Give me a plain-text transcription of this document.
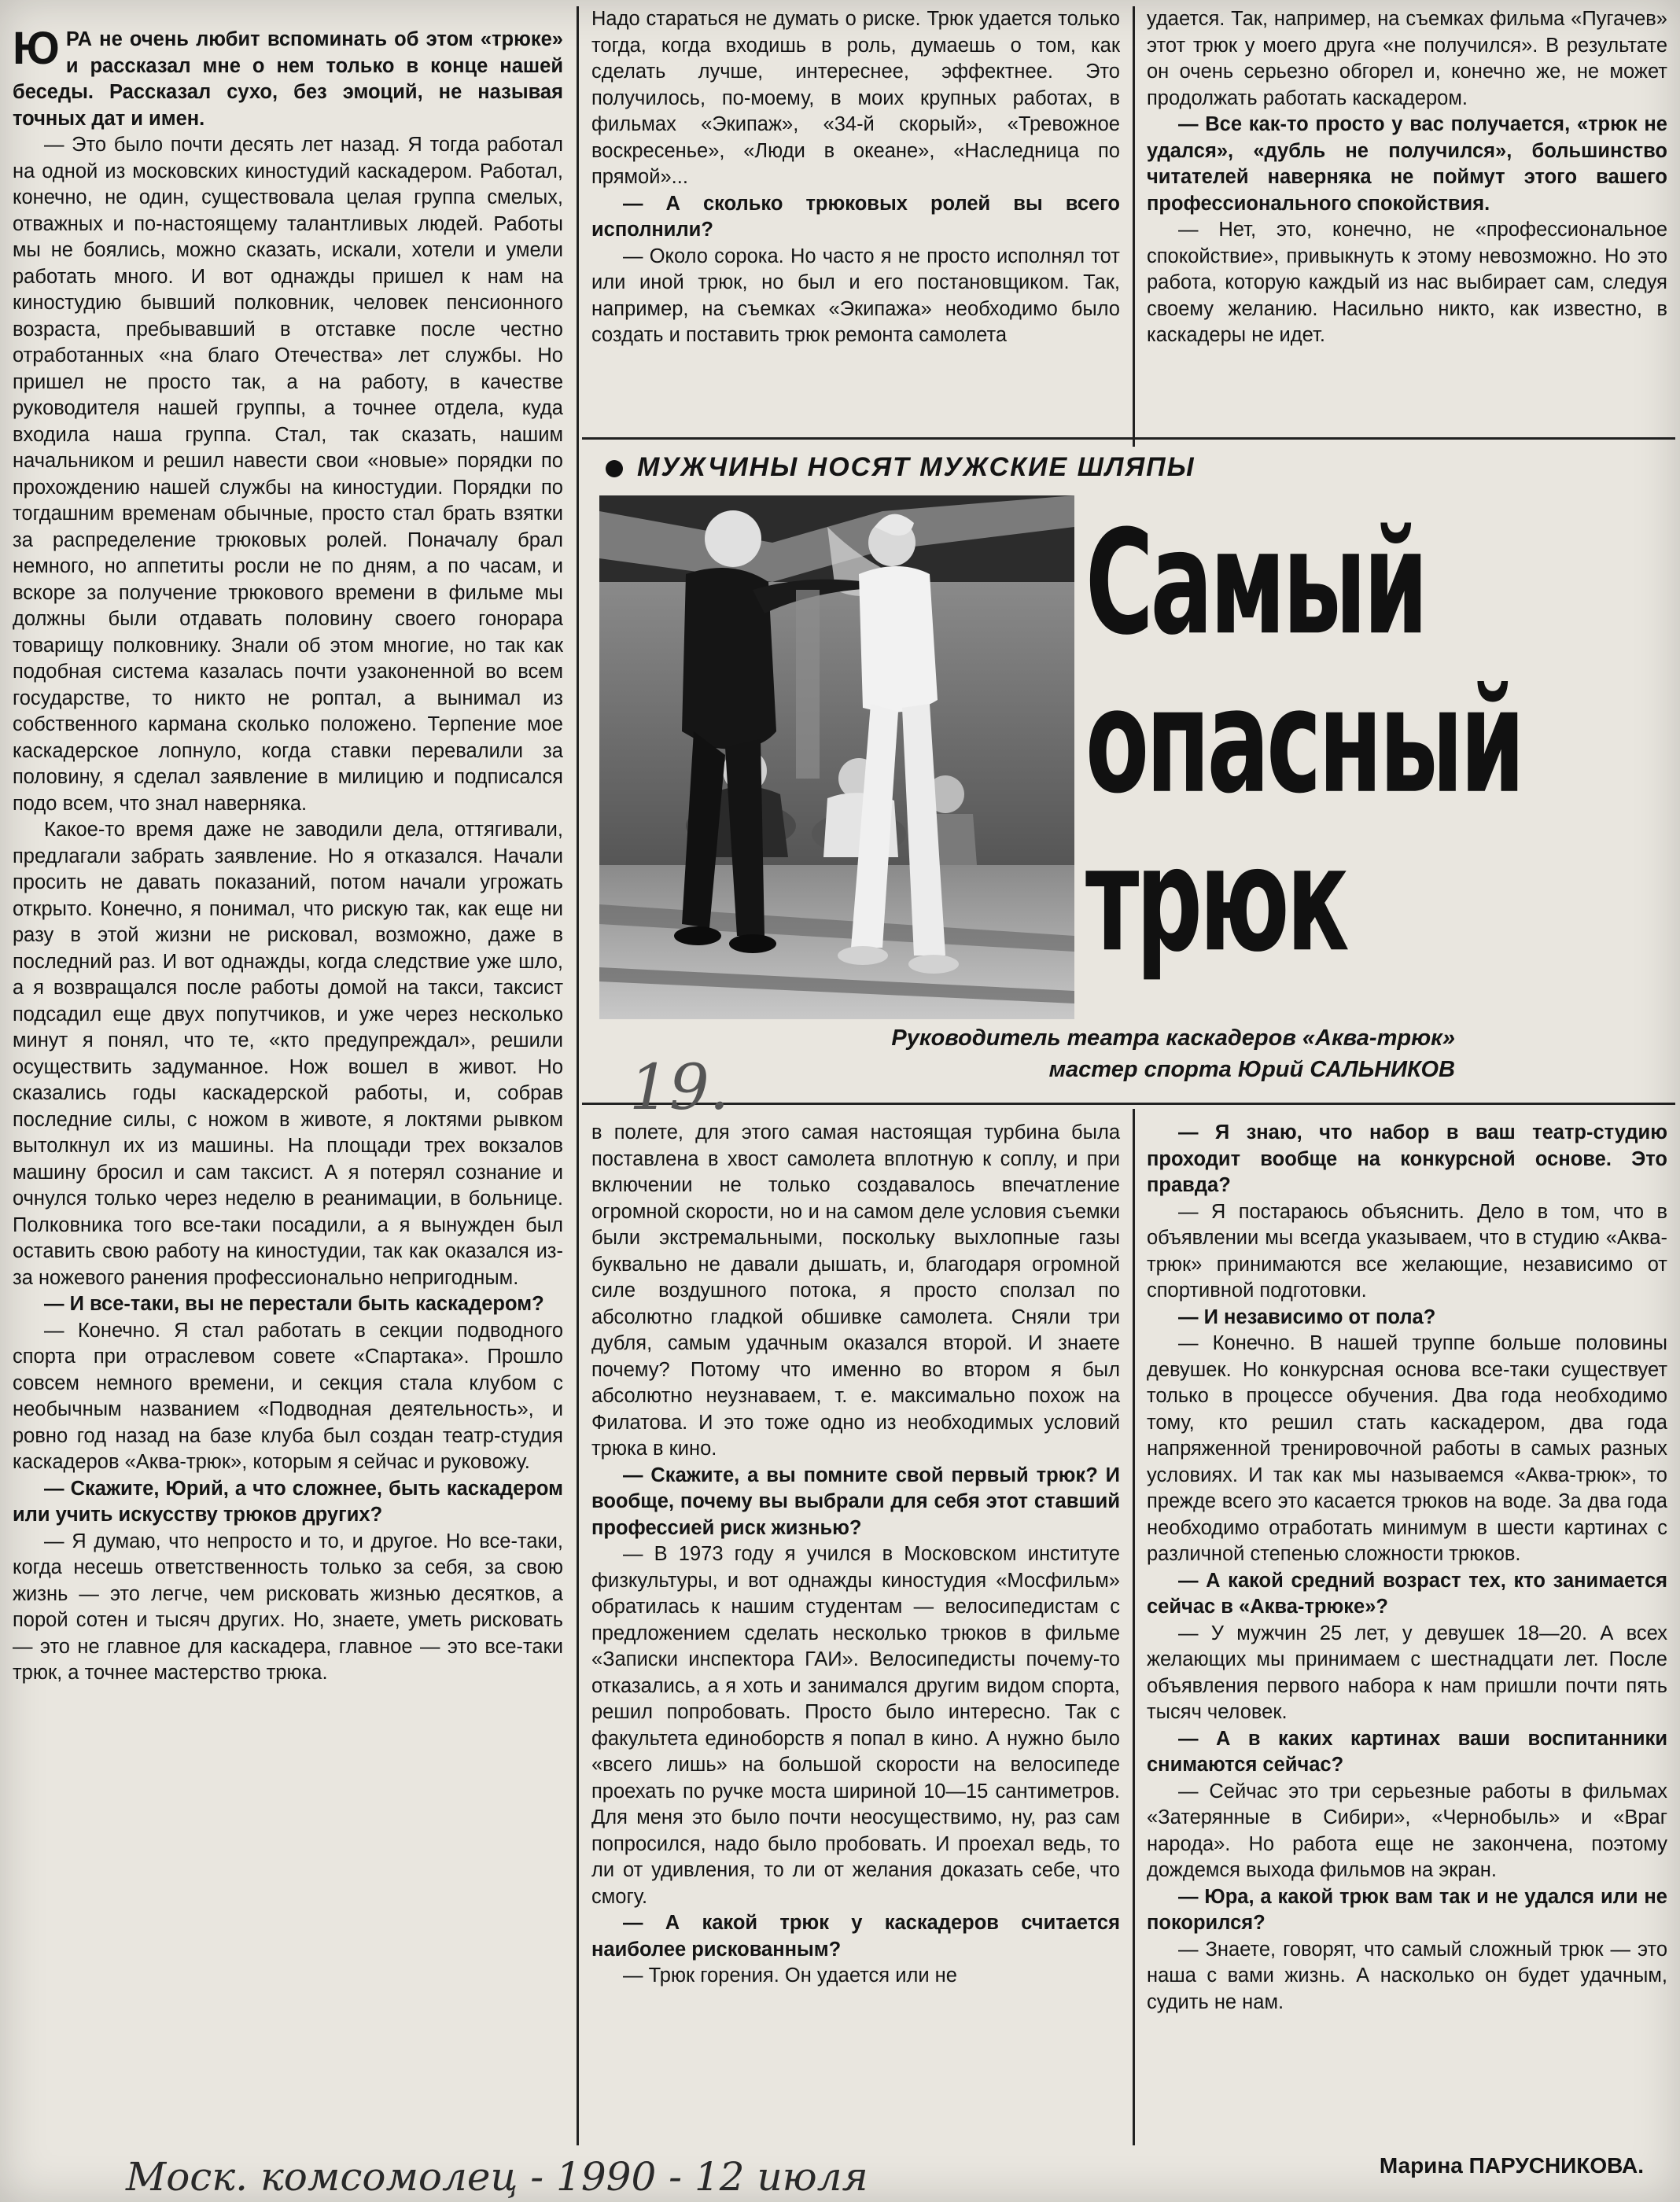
ЮРА не очень любит вспоминать об этом «трюке» и рассказал мне о нем только в конце нашей беседы. Рассказал сухо, без эмоций, не называя точных дат и имен.

— Это было почти десять лет назад. Я тогда работал на одной из московских киностудий каскадером. Работал, конечно, не один, существовала целая группа смелых, отважных и по-настоящему талантливых людей. Работы мы не боялись, можно сказать, искали, хотели и умели работать много. И вот однажды пришел к нам на киностудию бывший полковник, человек пенсионного возраста, пребывавший в отставке после честно отработанных «на благо Отечества» лет службы. Но пришел не просто так, а на работу, в качестве руководителя нашей группы, а точнее отдела, куда входила наша группа. Стал, так сказать, нашим начальником и решил навести свои «новые» порядки по прохождению нашей службы на киностудии. Порядки по тогдашним временам обычные, просто стал брать взятки за распределение трюковых ролей. Поначалу брал немного, но аппетиты росли не по дням, а по часам, и вскоре за получение трюкового времени в фильме мы должны были отдавать половину своего гонорара товарищу полковнику. Знали об этом многие, но так как подобная система казалась почти узаконенной во всем государстве, то никто не роптал, а вынимал из собственного кармана сколько положено. Терпение мое каскадерское лопнуло, когда ставки перевалили за половину, я сделал заявление в милицию и подписался подо всем, что знал наверняка.

Какое-то время даже не заводили дела, оттягивали, предлагали забрать заявление. Но я отказался. Начали просить не давать показаний, потом начали угрожать открыто. Конечно, я понимал, что рискую так, как еще ни разу в этой жизни не рисковал, возможно, даже в последний раз. И вот однажды, когда следствие уже шло, а я возвращался после работы домой на такси, таксист подсадил еще двух попутчиков, и уже через несколько минут я понял, что те, «кто предупреждал», решили осуществить задуманное. Нож вошел в живот. Но сказались годы каскадерской работы, и, собрав последние силы, с ножом в животе, я локтями рывком вытолкнул их из машины. На площади трех вокзалов машину бросил и сам таксист. А я потерял сознание и очнулся только через неделю в реанимации, в больнице. Полковника того все-таки посадили, а я вынужден был оставить свою работу на киностудии, так как оказался из-за ножевого ранения профессионально непригодным.

— И все-таки, вы не перестали быть каскадером?

— Конечно. Я стал работать в секции подводного спорта при отраслевом совете «Спартака». Прошло совсем немного времени, и секция стала клубом с необычным названием «Подводная деятельность», и ровно год назад на базе клуба был создан театр-студия каскадеров «Аква-трюк», которым я сейчас и руковожу.

— Скажите, Юрий, а что сложнее, быть каскадером или учить искусству трюков других?

— Я думаю, что непросто и то, и другое. Но все-таки, когда несешь ответственность только за себя, за свою жизнь — это легче, чем рисковать жизнью десятков, а порой сотен и тысяч других. Но, знаете, уметь рисковать — это не главное для каскадера, главное — это все-таки трюк, а точнее мастерство трюка.

Надо стараться не думать о риске. Трюк удается только тогда, когда входишь в роль, думаешь о том, как сделать лучше, интереснее, эффектнее. Это получилось, по-моему, в моих крупных работах, в фильмах «Экипаж», «34-й скорый», «Тревожное воскресенье», «Люди в океане», «Наследница по прямой»...

— А сколько трюковых ролей вы всего исполнили?

— Около сорока. Но часто я не просто исполнял тот или иной трюк, но был и его постановщиком. Так, например, на съемках «Экипажа» необходимо было создать и поставить трюк ремонта самолета

удается. Так, например, на съемках фильма «Пугачев» этот трюк у моего друга «не получился». В результате он очень серьезно обгорел и, конечно же, не может продолжать работать каскадером.

— Все как-то просто у вас получается, «трюк не удался», «дубль не получился», большинство читателей наверняка не поймут этого вашего профессионального спокойствия.

— Нет, это, конечно, не «профессиональное спокойствие», привыкнуть к этому невозможно. Но это работа, которую каждый из нас выбирает сам, следуя своему желанию. Насильно никто, как известно, в каскадеры не идет.

МУЖЧИНЫ НОСЯТ МУЖСКИЕ ШЛЯПЫ
Самый
опасный
трюк
Руководитель театра каскадеров «Аква-трюк»
мастер спорта Юрий САЛЬНИКОВ
19.

в полете, для этого самая настоящая турбина была поставлена в хвост самолета вплотную к соплу, и при включении не только создавалось впечатление огромной скорости, но и на самом деле условия съемки были экстремальными, поскольку выхлопные газы буквально не давали дышать, и, благодаря огромной силе воздушного потока, я просто сползал по абсолютно гладкой обшивке самолета. Сняли три дубля, самым удачным оказался второй. И знаете почему? Потому что именно во втором я был абсолютно неузнаваем, т. е. максимально похож на Филатова. И это тоже одно из необходимых условий трюка в кино.

— Скажите, а вы помните свой первый трюк? И вообще, почему вы выбрали для себя этот ставший профессией риск жизнью?

— В 1973 году я учился в Московском институте физкультуры, и вот однажды киностудия «Мосфильм» обратилась к нашим студентам — велосипедистам с предложением сделать несколько трюков в фильме «Записки инспектора ГАИ». Велосипедисты почему-то отказались, а я хоть и занимался другим видом спорта, решил попробовать. Просто было интересно. Так с факультета единоборств я попал в кино. А нужно было «всего лишь» на большой скорости на велосипеде проехать по ручке моста шириной 10—15 сантиметров. Для меня это было почти неосуществимо, ну, раз сам попросился, надо было пробовать. И проехал ведь, то ли от удивления, то ли от желания доказать себе, что смогу.

— А какой трюк у каскадеров считается наиболее рискованным?

— Трюк горения. Он удается или не

— Я знаю, что набор в ваш театр-студию проходит вообще на конкурсной основе. Это правда?

— Я постараюсь объяснить. Дело в том, что в объявлении мы всегда указываем, что в студию «Аква-трюк» принимаются все желающие, независимо от спортивной подготовки.

— И независимо от пола?

— Конечно. В нашей труппе больше половины девушек. Но конкурсная основа все-таки существует только в процессе обучения. Два года необходимо тому, кто решил стать каскадером, два года напряженной тренировочной работы в самых разных условиях. И так как мы называемся «Аква-трюк», то прежде всего это касается трюков на воде. За два года необходимо отработать минимум в шести картинах с различной степенью сложности трюков.

— А какой средний возраст тех, кто занимается сейчас в «Аква-трюке»?

— У мужчин 25 лет, у девушек 18—20. А всех желающих мы принимаем с шестнадцати лет. После объявления первого набора к нам пришли почти пять тысяч человек.

— А в каких картинах ваши воспитанники снимаются сейчас?

— Сейчас это три серьезные работы в фильмах «Затерянные в Сибири», «Чернобыль» и «Враг народа». Но работа еще не закончена, поэтому дождемся выхода фильмов на экран.

— Юра, а какой трюк вам так и не удался или не покорился?

— Знаете, говорят, что самый сложный трюк — это наша с вами жизнь. А насколько он будет удачным, судить не нам.

Марина ПАРУСНИКОВА.
Моск. комсомолец - 1990 - 12 июля
